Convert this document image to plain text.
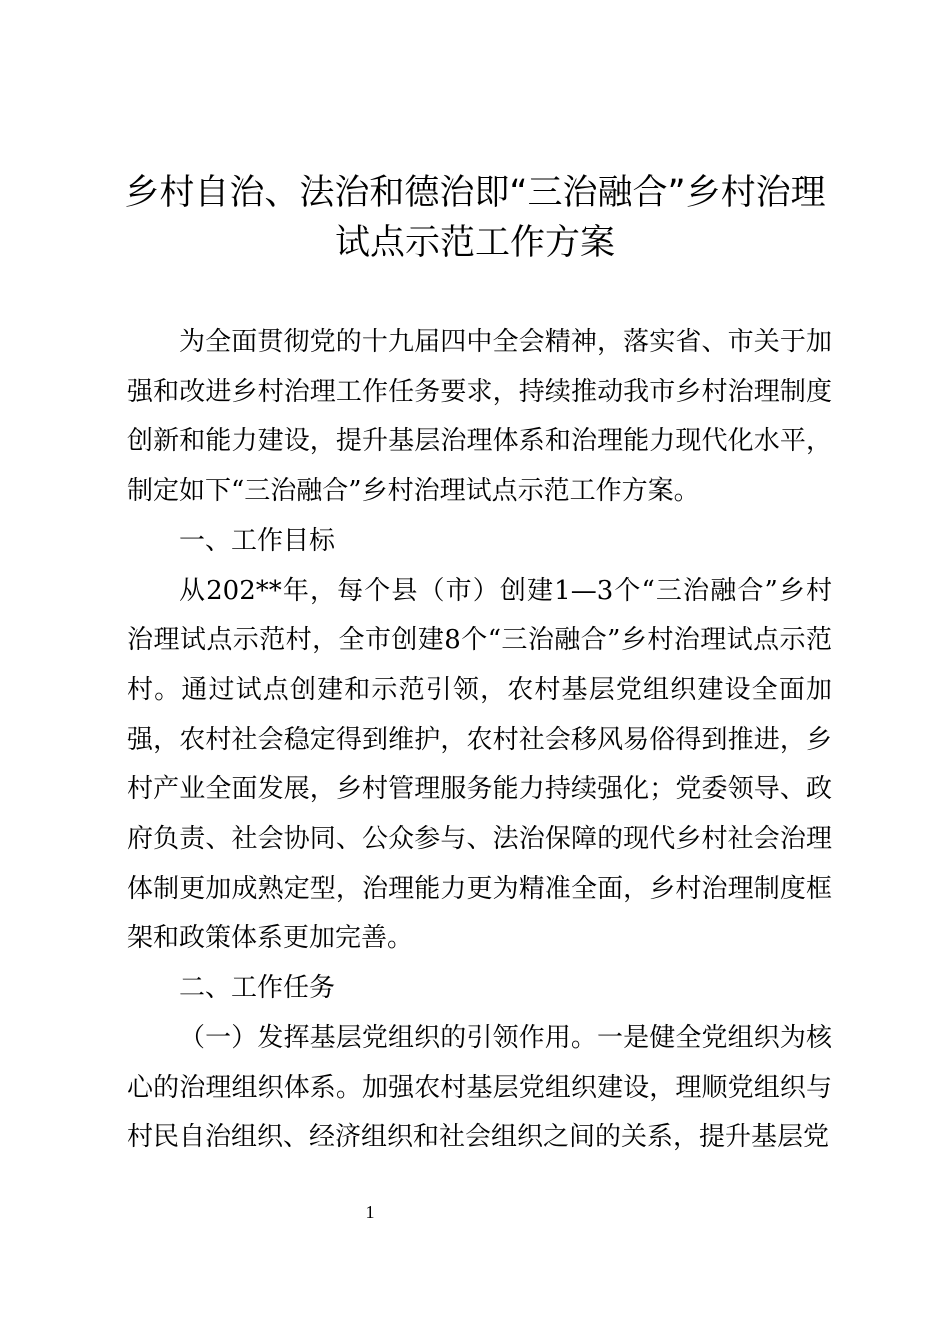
乡村自治、法治和德治即“三治融合”乡村治理
试点示范工作方案

为全面贯彻党的十九届四中全会精神，落实省、市关于加强和改进乡村治理工作任务要求，持续推动我市乡村治理制度创新和能力建设，提升基层治理体系和治理能力现代化水平，制定如下“三治融合”乡村治理试点示范工作方案。

一、工作目标

从202**年，每个县（市）创建1—3个“三治融合”乡村治理试点示范村，全市创建8个“三治融合”乡村治理试点示范村。通过试点创建和示范引领，农村基层党组织建设全面加强，农村社会稳定得到维护，农村社会移风易俗得到推进，乡村产业全面发展，乡村管理服务能力持续强化；党委领导、政府负责、社会协同、公众参与、法治保障的现代乡村社会治理体制更加成熟定型，治理能力更为精准全面，乡村治理制度框架和政策体系更加完善。

二、工作任务

（一）发挥基层党组织的引领作用。一是健全党组织为核心的治理组织体系。加强农村基层党组织建设，理顺党组织与村民自治组织、经济组织和社会组织之间的关系，提升基层党

1
